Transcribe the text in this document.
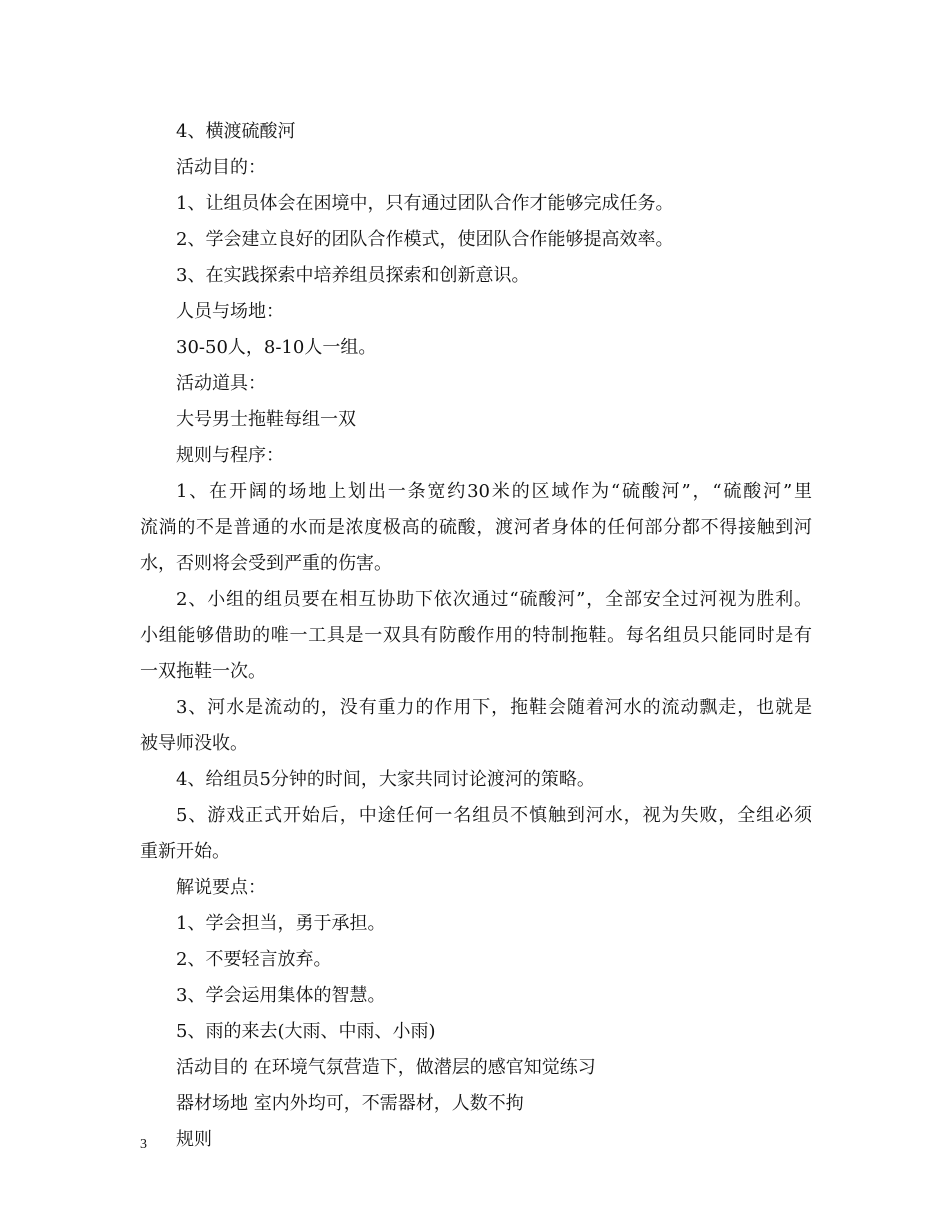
4、横渡硫酸河
活动目的：
1、让组员体会在困境中，只有通过团队合作才能够完成任务。
2、学会建立良好的团队合作模式，使团队合作能够提高效率。
3、在实践探索中培养组员探索和创新意识。
人员与场地：
30-50人，8-10人一组。
活动道具：
大号男士拖鞋每组一双
规则与程序：
1、在开阔的场地上划出一条宽约30米的区域作为“硫酸河”，“硫酸河”里
流淌的不是普通的水而是浓度极高的硫酸，渡河者身体的任何部分都不得接触到河
水，否则将会受到严重的伤害。
2、小组的组员要在相互协助下依次通过“硫酸河”，全部安全过河视为胜利。
小组能够借助的唯一工具是一双具有防酸作用的特制拖鞋。每名组员只能同时是有
一双拖鞋一次。
3、河水是流动的，没有重力的作用下，拖鞋会随着河水的流动飘走，也就是
被导师没收。
4、给组员5分钟的时间，大家共同讨论渡河的策略。
5、游戏正式开始后，中途任何一名组员不慎触到河水，视为失败，全组必须
重新开始。
解说要点：
1、学会担当，勇于承担。
2、不要轻言放弃。
3、学会运用集体的智慧。
5、雨的来去(大雨、中雨、小雨)
活动目的 在环境气氛营造下，做潜层的感官知觉练习
器材场地 室内外均可，不需器材，人数不拘
规则
3
